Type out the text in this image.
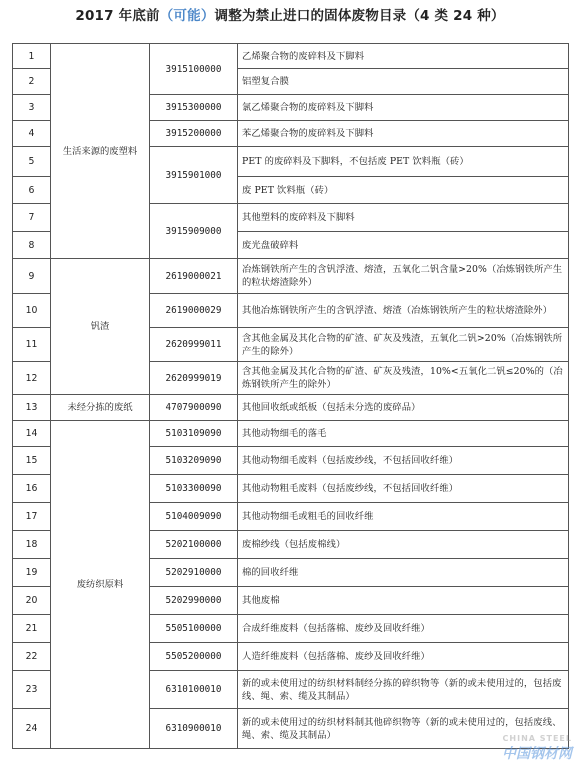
2017 年底前（可能）调整为禁止进口的固体废物目录（4 类 24 种）
1	生活来源的废塑料	3915100000	乙烯聚合物的废碎料及下脚料
2			铝塑复合膜
3		3915300000	氯乙烯聚合物的废碎料及下脚料
4		3915200000	苯乙烯聚合物的废碎料及下脚料
5		3915901000	PET 的废碎料及下脚料，不包括废 PET 饮料瓶（砖）
6			废 PET 饮料瓶（砖）
7		3915909000	其他塑料的废碎料及下脚料
8			废光盘破碎料
9	钒渣	2619000021	冶炼钢铁所产生的含钒浮渣、熔渣，五氧化二钒含量>20%（冶炼钢铁所产生的粒状熔渣除外）
10		2619000029	其他冶炼钢铁所产生的含钒浮渣、熔渣（冶炼钢铁所产生的粒状熔渣除外）
11		2620999011	含其他金属及其化合物的矿渣、矿灰及残渣，五氧化二钒>20%（冶炼钢铁所产生的除外）
12		2620999019	含其他金属及其化合物的矿渣、矿灰及残渣，10%<五氧化二钒≤20%的（冶炼钢铁所产生的除外）
13	未经分拣的废纸	4707900090	其他回收纸或纸板（包括未分选的废碎品）
14	废纺织原料	5103109090	其他动物细毛的落毛
15		5103209090	其他动物细毛废料（包括废纱线，不包括回收纤维）
16		5103300090	其他动物粗毛废料（包括废纱线，不包括回收纤维）
17		5104009090	其他动物细毛或粗毛的回收纤维
18		5202100000	废棉纱线（包括废棉线）
19		5202910000	棉的回收纤维
20		5202990000	其他废棉
21		5505100000	合成纤维废料（包括落棉、废纱及回收纤维）
22		5505200000	人造纤维废料（包括落棉、废纱及回收纤维）
23		6310100010	新的或未使用过的纺织材料制经分拣的碎织物等（新的或未使用过的，包括废线、绳、索、缆及其制品）
24		6310900010	新的或未使用过的纺织材料制其他碎织物等（新的或未使用过的，包括废线、绳、索、缆及其制品）	CHINA STEEL
中国钢材网
